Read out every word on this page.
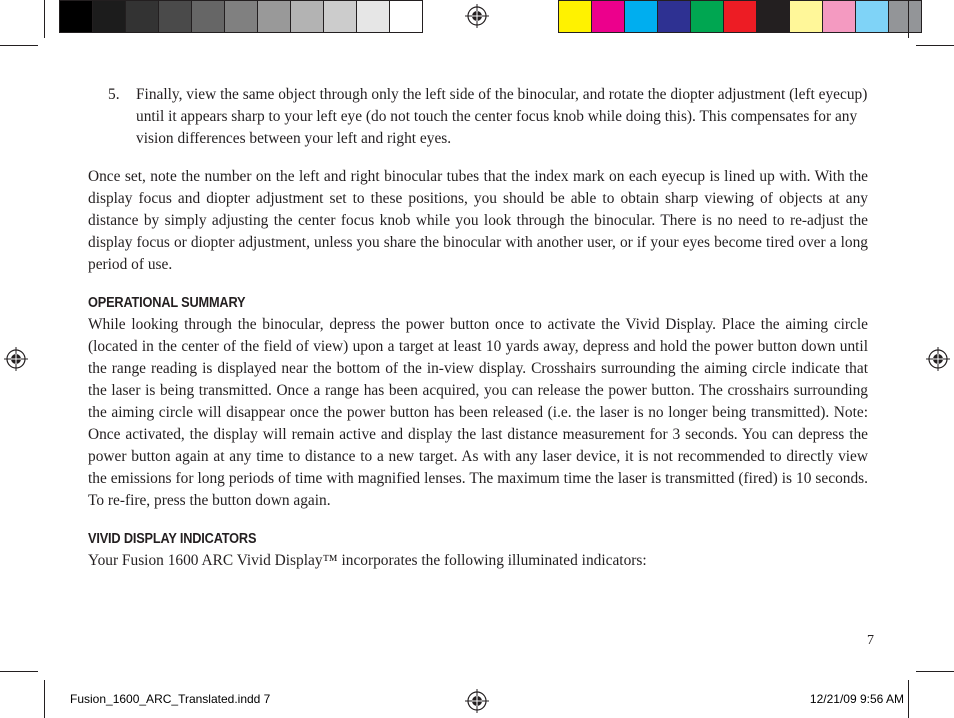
5.	Finally, view the same object through only the left side of the binocular, and rotate the diopter adjustment (left eyecup) until it appears sharp to your left eye (do not touch the center focus knob while doing this). This compensates for any vision differences between your left and right eyes.

Once set, note the number on the left and right binocular tubes that the index mark on each eyecup is lined up with. With the display focus and diopter adjustment set to these positions, you should be able to obtain sharp viewing of objects at any distance by simply adjusting the center focus knob while you look through the binocular. There is no need to re-adjust the display focus or diopter adjustment, unless you share the binocular with another user, or if your eyes become tired over a long period of use.

OPERATIONAL SUMMARY

While looking through the binocular, depress the power button once to activate the Vivid Display. Place the aiming circle (located in the center of the field of view) upon a target at least 10 yards away, depress and hold the power button down until the range reading is displayed near the bottom of the in-view display. Crosshairs surrounding the aiming circle indicate that the laser is being transmitted. Once a range has been acquired, you can release the power button. The crosshairs surrounding the aiming circle will disappear once the power button has been released (i.e. the laser is no longer being transmitted). Note: Once activated, the display will remain active and display the last distance measurement for 3 seconds. You can depress the power button again at any time to distance to a new target. As with any laser device, it is not recommended to directly view the emissions for long periods of time with magnified lenses. The maximum time the laser is transmitted (fired) is 10 seconds. To re-fire, press the button down again.

VIVID DISPLAY INDICATORS

Your Fusion 1600 ARC Vivid Display™ incorporates the following illuminated indicators:

7
Fusion_1600_ARC_Translated.indd 7	12/21/09 9:56 AM
